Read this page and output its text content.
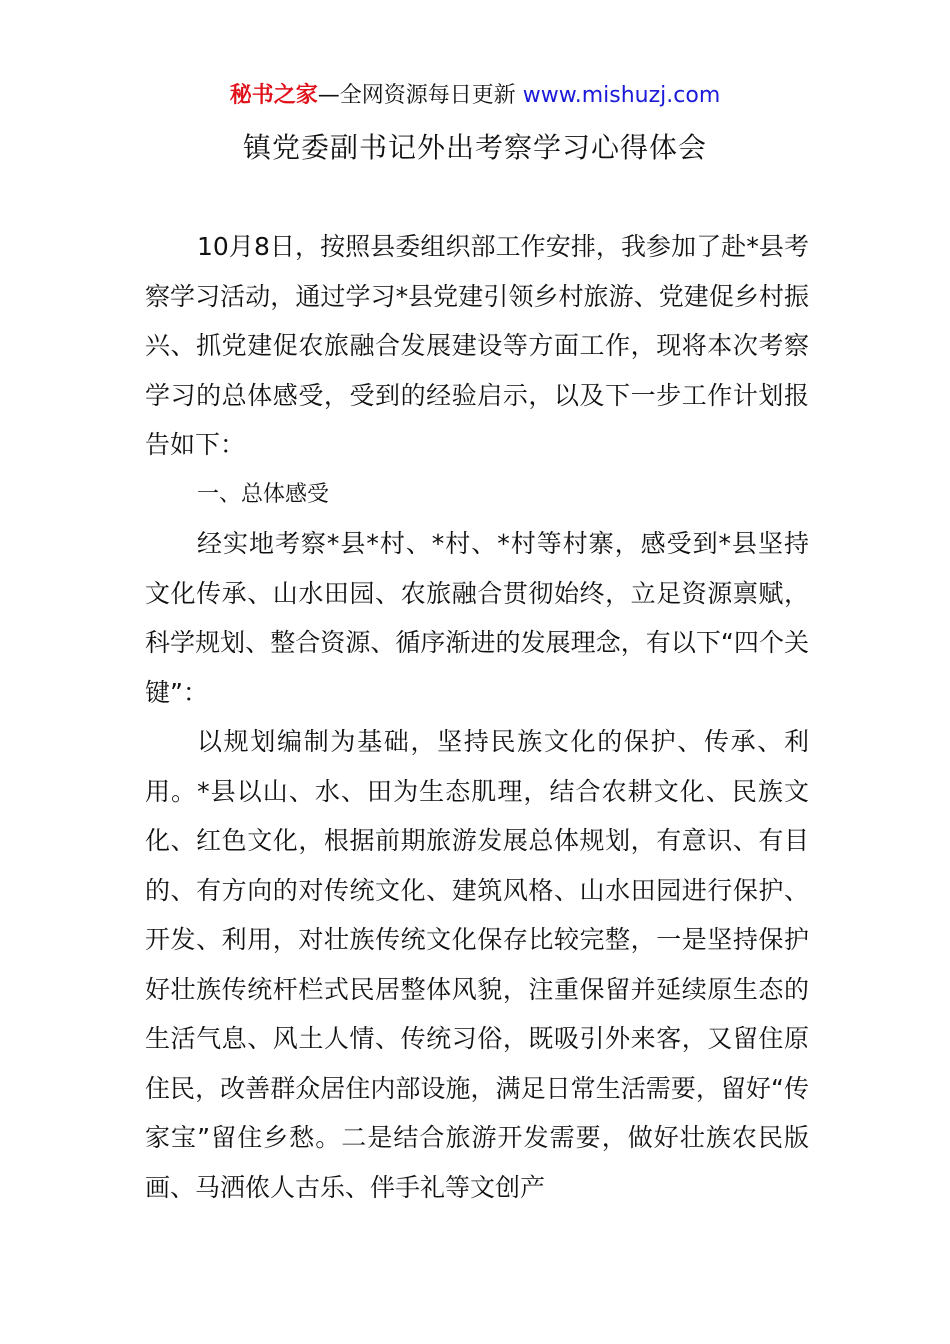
秘书之家—全网资源每日更新 www.mishuzj.com
镇党委副书记外出考察学习心得体会

10月8日，按照县委组织部工作安排，我参加了赴*县考察学习活动，通过学习*县党建引领乡村旅游、党建促乡村振兴、抓党建促农旅融合发展建设等方面工作，现将本次考察学习的总体感受，受到的经验启示，以及下一步工作计划报告如下：

一、总体感受

经实地考察*县*村、*村、*村等村寨，感受到*县坚持文化传承、山水田园、农旅融合贯彻始终，立足资源禀赋，科学规划、整合资源、循序渐进的发展理念，有以下“四个关键”：

以规划编制为基础，坚持民族文化的保护、传承、利用。*县以山、水、田为生态肌理，结合农耕文化、民族文化、红色文化，根据前期旅游发展总体规划，有意识、有目的、有方向的对传统文化、建筑风格、山水田园进行保护、开发、利用，对壮族传统文化保存比较完整，一是坚持保护好壮族传统杆栏式民居整体风貌，注重保留并延续原生态的生活气息、风土人情、传统习俗，既吸引外来客，又留住原住民，改善群众居住内部设施，满足日常生活需要，留好“传家宝”留住乡愁。二是结合旅游开发需要，做好壮族农民版画、马洒侬人古乐、伴手礼等文创产
